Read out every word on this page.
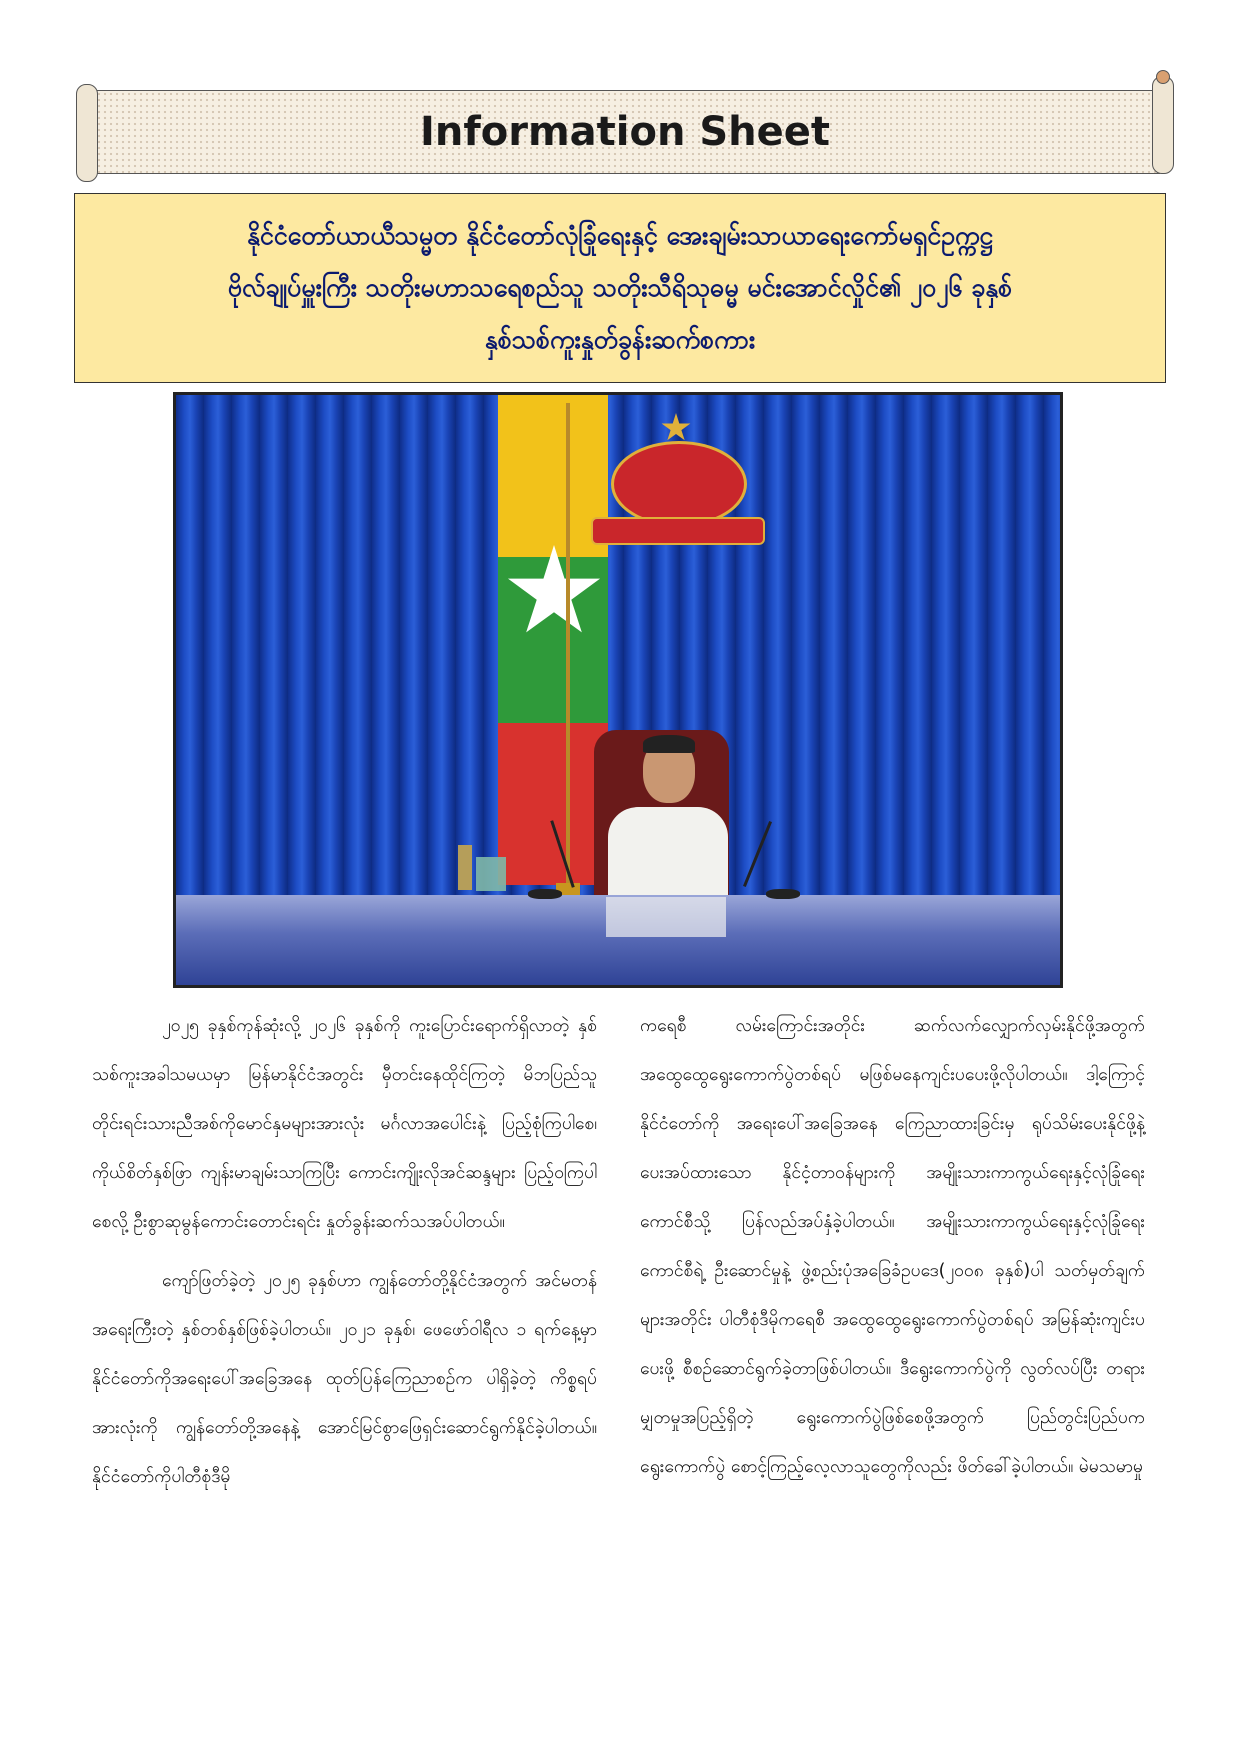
Information Sheet
နိုင်ငံတော်ယာယီသမ္မတ နိုင်ငံတော်လုံခြုံရေးနှင့် အေးချမ်းသာယာရေးကော်မရှင်ဥက္ကဋ္ဌ
ဗိုလ်ချုပ်မှူးကြီး သတိုးမဟာသရေစည်သူ သတိုးသီရိသုဓမ္မ မင်းအောင်လှိုင်၏ ၂၀၂၆ ခုနှစ်
နှစ်သစ်ကူးနှုတ်ခွန်းဆက်စကား

၂၀၂၅ ခုနှစ်ကုန်ဆုံးလို့ ၂၀၂၆ ခုနှစ်ကို ကူးပြောင်းရောက်ရှိလာတဲ့ နှစ်သစ်ကူးအခါသမယမှာ မြန်မာနိုင်ငံအတွင်း မှီတင်းနေထိုင်ကြတဲ့ မိဘပြည်သူတိုင်းရင်းသားညီအစ်ကိုမောင်နှမများအားလုံး မင်္ဂလာအပေါင်းနဲ့ ပြည့်စုံကြပါစေ၊ ကိုယ်စိတ်နှစ်ဖြာ ကျန်းမာချမ်းသာကြပြီး ကောင်းကျိုးလိုအင်ဆန္ဒများ ပြည့်ဝကြပါစေလို့ ဦးစွာဆုမွန်ကောင်းတောင်းရင်း နှုတ်ခွန်းဆက်သအပ်ပါတယ်။

ကျော်ဖြတ်ခဲ့တဲ့ ၂၀၂၅ ခုနှစ်ဟာ ကျွန်တော်တို့နိုင်ငံအတွက် အင်မတန်အရေးကြီးတဲ့ နှစ်တစ်နှစ်ဖြစ်ခဲ့ပါတယ်။ ၂၀၂၁ ခုနှစ်၊ ဖေဖော်ဝါရီလ ၁ ရက်နေ့မှာ နိုင်ငံတော်ကိုအရေးပေါ်အခြေအနေ ထုတ်ပြန်ကြေညာစဉ်က ပါရှိခဲ့တဲ့ ကိစ္စရပ်အားလုံးကို ကျွန်တော်တို့အနေနဲ့ အောင်မြင်စွာဖြေရှင်းဆောင်ရွက်နိုင်ခဲ့ပါတယ်။ နိုင်ငံတော်ကိုပါတီစုံဒီမို

ကရေစီ လမ်းကြောင်းအတိုင်း ဆက်လက်လျှောက်လှမ်းနိုင်ဖို့အတွက် အထွေထွေရွေးကောက်ပွဲတစ်ရပ် မဖြစ်မနေကျင်းပပေးဖို့လိုပါတယ်။ ဒါ့ကြောင့် နိုင်ငံတော်ကို အရေးပေါ်အခြေအနေ ကြေညာထားခြင်းမှ ရုပ်သိမ်းပေးနိုင်ဖို့နဲ့ ပေးအပ်ထားသော နိုင်ငံ့တာဝန်များကို အမျိုးသားကာကွယ်ရေးနှင့်လုံခြုံရေးကောင်စီသို့ ပြန်လည်အပ်နှံခဲ့ပါတယ်။ အမျိုးသားကာကွယ်ရေးနှင့်လုံခြုံရေးကောင်စီရဲ့ ဦးဆောင်မှုနဲ့ ဖွဲ့စည်းပုံအခြေခံဥပဒေ(၂၀၀၈ ခုနှစ်)ပါ သတ်မှတ်ချက်များအတိုင်း ပါတီစုံဒီမိုကရေစီ အထွေထွေရွေးကောက်ပွဲတစ်ရပ် အမြန်ဆုံးကျင်းပပေးဖို့ စီစဉ်ဆောင်ရွက်ခဲ့တာဖြစ်ပါတယ်။ ဒီရွေးကောက်ပွဲကို လွတ်လပ်ပြီး တရားမျှတမှုအပြည့်ရှိတဲ့ ရွေးကောက်ပွဲဖြစ်စေဖို့အတွက် ပြည်တွင်းပြည်ပက ရွေးကောက်ပွဲ စောင့်ကြည့်လေ့လာသူတွေကိုလည်း ဖိတ်ခေါ်ခဲ့ပါတယ်။ မဲမသမာမှု
